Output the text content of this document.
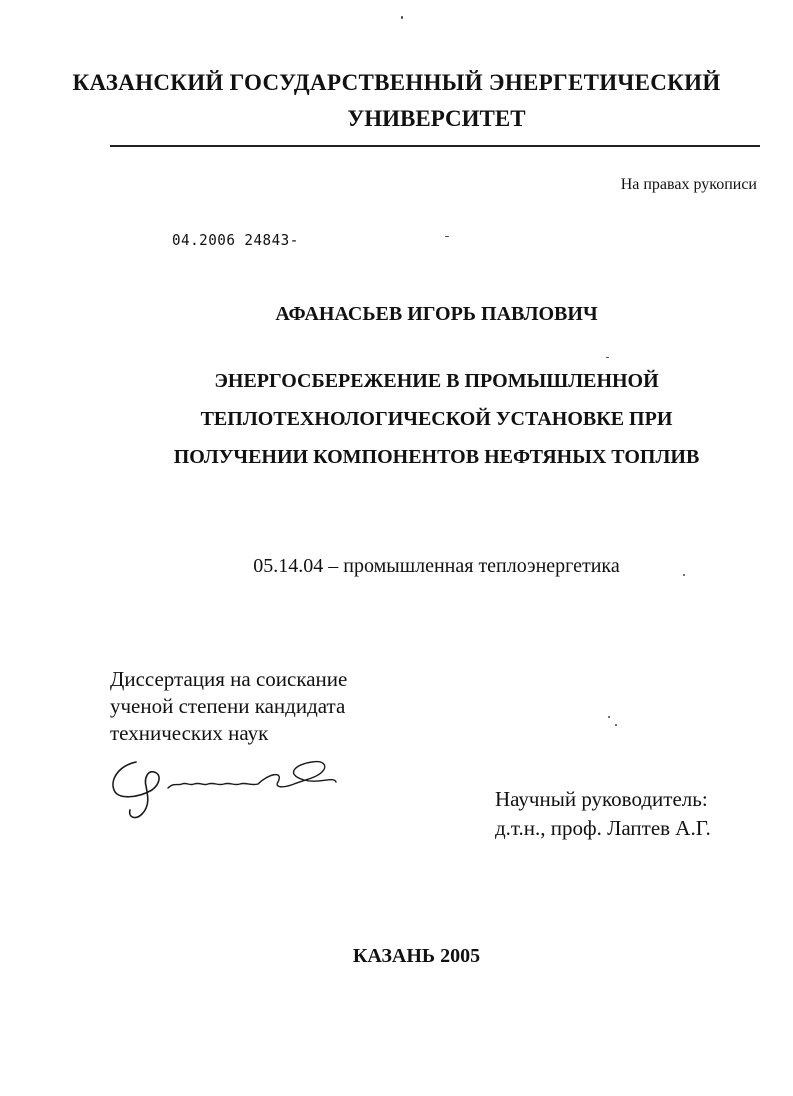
КАЗАНСКИЙ ГОСУДАРСТВЕННЫЙ ЭНЕРГЕТИЧЕСКИЙ
УНИВЕРСИТЕТ
На правах рукописи
04.2006 24843-
АФАНАСЬЕВ ИГОРЬ ПАВЛОВИЧ
ЭНЕРГОСБЕРЕЖЕНИЕ В ПРОМЫШЛЕННОЙ
ТЕПЛОТЕХНОЛОГИЧЕСКОЙ УСТАНОВКЕ ПРИ
ПОЛУЧЕНИИ КОМПОНЕНТОВ НЕФТЯНЫХ ТОПЛИВ
05.14.04 – промышленная теплоэнергетика
Диссертация на соискание
ученой степени кандидата
технических наук
Научный руководитель:
д.т.н., проф. Лаптев А.Г.
КАЗАНЬ 2005
